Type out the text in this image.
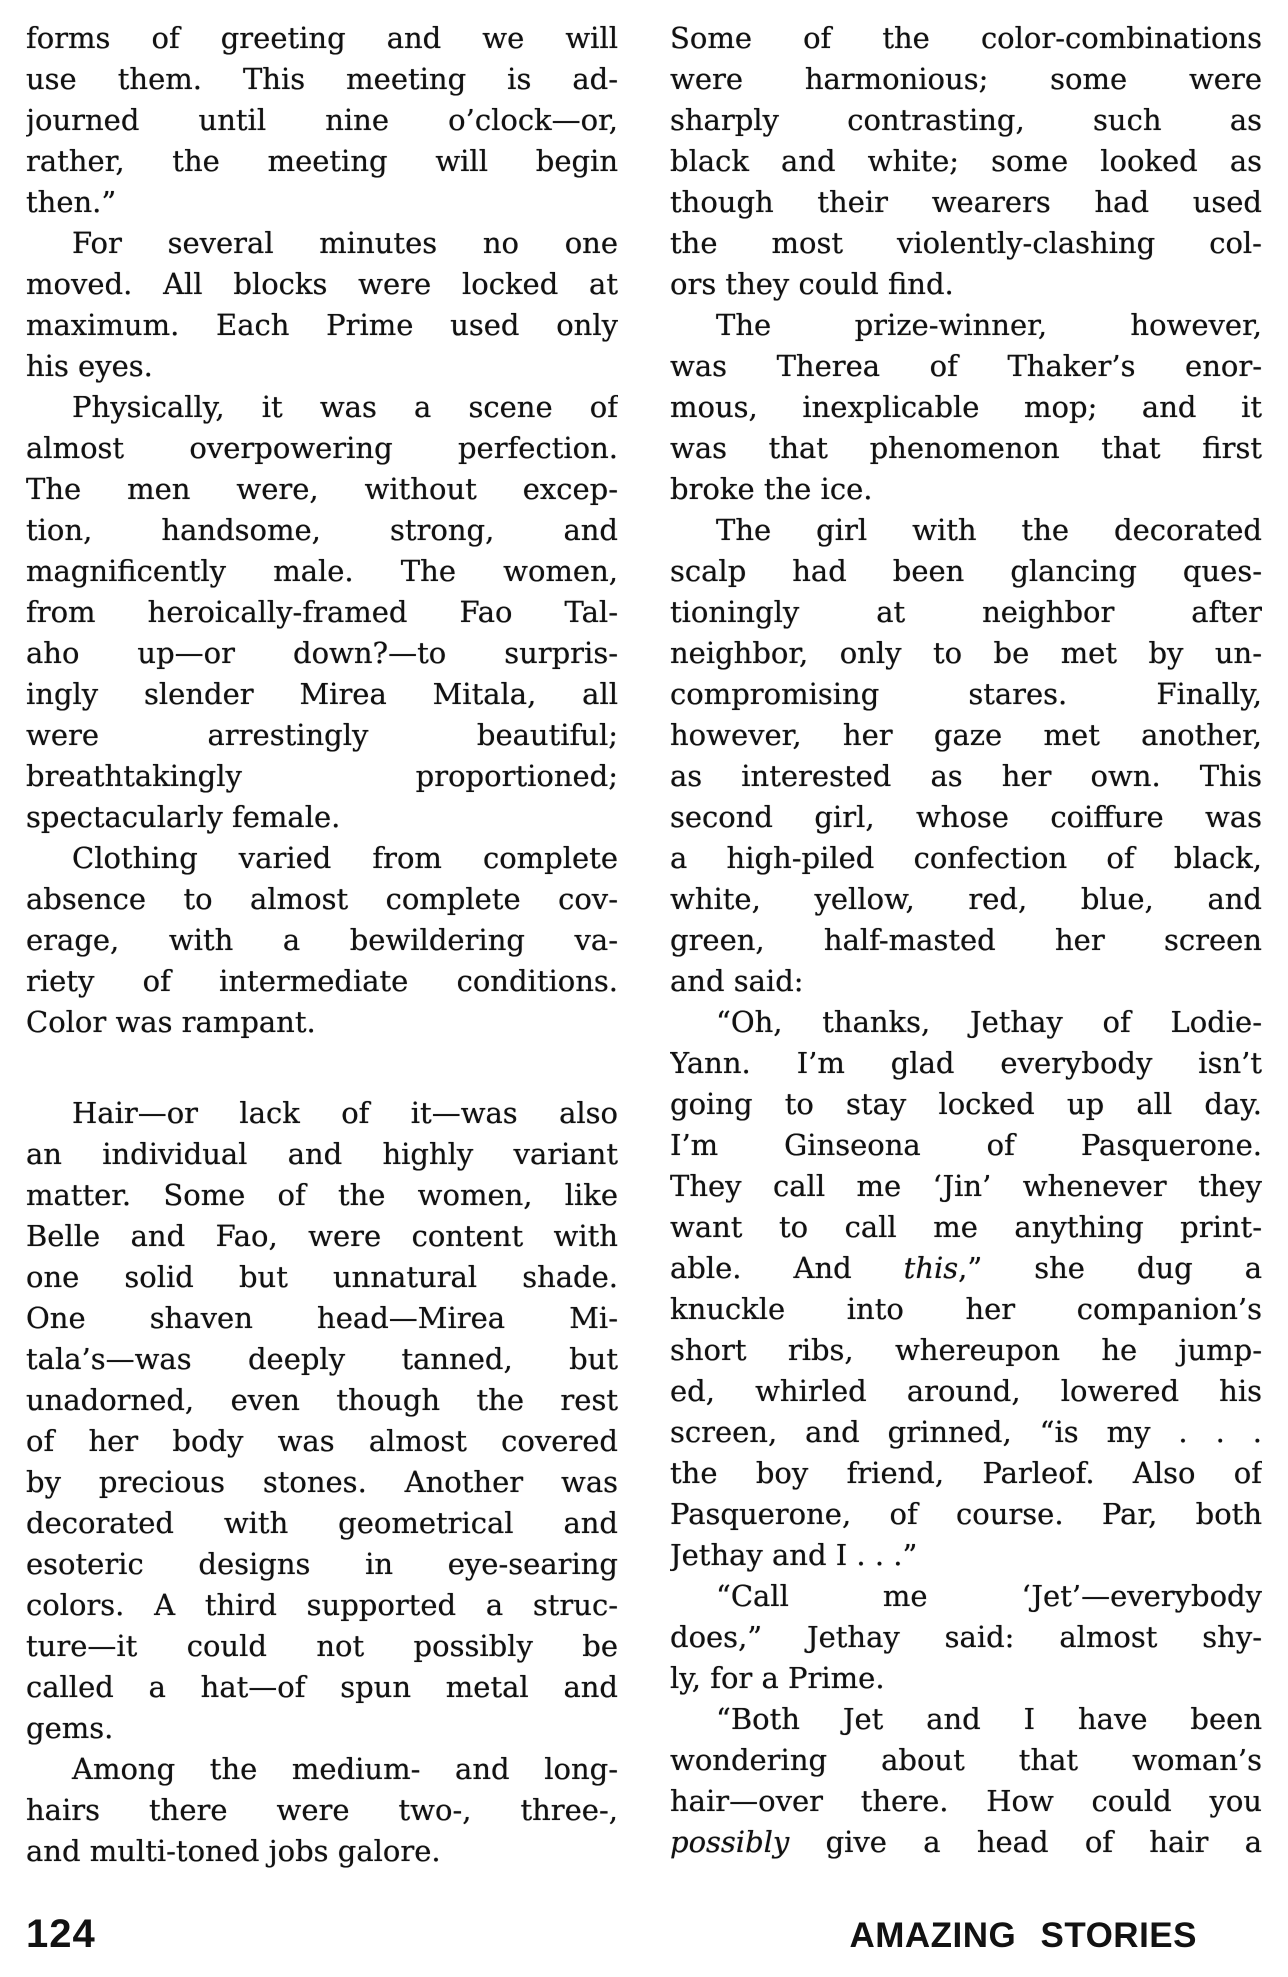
forms of greeting and we will
use them. This meeting is ad-
journed until nine o’clock—or,
rather, the meeting will begin
then.”
For several minutes no one
moved. All blocks were locked at
maximum. Each Prime used only
his eyes.
Physically, it was a scene of
almost overpowering perfection.
The men were, without excep-
tion, handsome, strong, and
magnificently male. The women,
from heroically-framed Fao Tal-
aho up—or down?—to surpris-
ingly slender Mirea Mitala, all
were arrestingly beautiful;
breathtakingly proportioned;
spectacularly female.
Clothing varied from complete
absence to almost complete cov-
erage, with a bewildering va-
riety of intermediate conditions.
Color was rampant.
Hair—or lack of it—was also
an individual and highly variant
matter. Some of the women, like
Belle and Fao, were content with
one solid but unnatural shade.
One shaven head—Mirea Mi-
tala’s—was deeply tanned, but
unadorned, even though the rest
of her body was almost covered
by precious stones. Another was
decorated with geometrical and
esoteric designs in eye-searing
colors. A third supported a struc-
ture—it could not possibly be
called a hat—of spun metal and
gems.
Among the medium- and long-
hairs there were two-, three-,
and multi-toned jobs galore.
Some of the color-combinations
were harmonious; some were
sharply contrasting, such as
black and white; some looked as
though their wearers had used
the most violently-clashing col-
ors they could find.
The prize-winner, however,
was Therea of Thaker’s enor-
mous, inexplicable mop; and it
was that phenomenon that first
broke the ice.
The girl with the decorated
scalp had been glancing ques-
tioningly at neighbor after
neighbor, only to be met by un-
compromising stares. Finally,
however, her gaze met another,
as interested as her own. This
second girl, whose coiffure was
a high-piled confection of black,
white, yellow, red, blue, and
green, half-masted her screen
and said:
“Oh, thanks, Jethay of Lodie-
Yann. I’m glad everybody isn’t
going to stay locked up all day.
I’m Ginseona of Pasquerone.
They call me ‘Jin’ whenever they
want to call me anything print-
able. And this,” she dug a
knuckle into her companion’s
short ribs, whereupon he jump-
ed, whirled around, lowered his
screen, and grinned, “is my . . .
the boy friend, Parleof. Also of
Pasquerone, of course. Par, both
Jethay and I . . .”
“Call me ‘Jet’—everybody
does,” Jethay said: almost shy-
ly, for a Prime.
“Both Jet and I have been
wondering about that woman’s
hair—over there. How could you
possibly give a head of hair a
124	AMAZING STORIES
